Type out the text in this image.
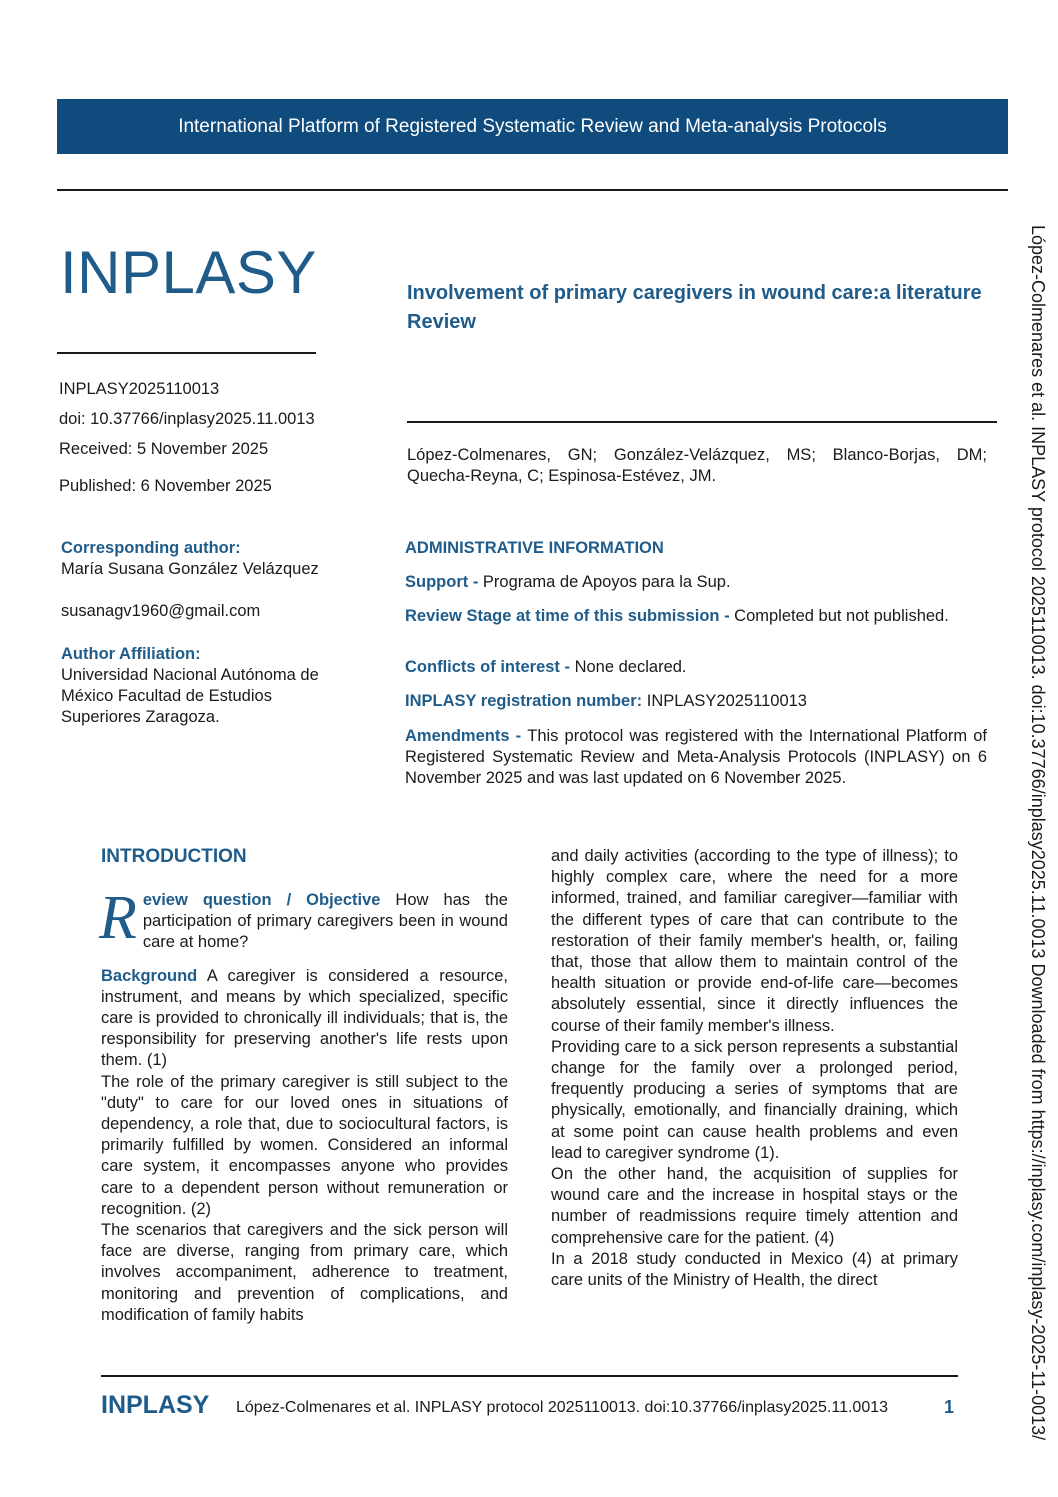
International Platform of Registered Systematic Review and Meta-analysis Protocols
INPLASY	Involvement of primary caregivers in wound care:a literature Review
INPLASY2025110013
doi: 10.37766/inplasy2025.11.0013
Received: 5 November 2025
Published: 6 November 2025
López-Colmenares, GN; González-Velázquez, MS; Blanco-Borjas, DM; Quecha-Reyna, C; Espinosa-Estévez, JM.
Corresponding author:
María Susana González Velázquez
susanagv1960@gmail.com
Author Affiliation:
Universidad Nacional Autónoma de
México Facultad de Estudios
Superiores Zaragoza.
ADMINISTRATIVE INFORMATION
Support - Programa de Apoyos para la Sup.
Review Stage at time of this submission - Completed but not published.
Conflicts of interest - None declared.
INPLASY registration number: INPLASY2025110013
Amendments - This protocol was registered with the International Platform of Registered Systematic Review and Meta-Analysis Protocols (INPLASY) on 6 November 2025 and was last updated on 6 November 2025.
INTRODUCTION

Review question / Objective How has the participation of primary caregivers been in wound care at home?

Background A caregiver is considered a resource, instrument, and means by which specialized, specific care is provided to chronically ill individuals; that is, the responsibility for preserving another's life rests upon them. (1)

The role of the primary caregiver is still subject to the "duty" to care for our loved ones in situations of dependency, a role that, due to sociocultural factors, is primarily fulfilled by women. Considered an informal care system, it encompasses anyone who provides care to a dependent person without remuneration or recognition. (2)

The scenarios that caregivers and the sick person will face are diverse, ranging from primary care, which involves accompaniment, adherence to treatment, monitoring and prevention of complications, and modification of family habits

and daily activities (according to the type of illness); to highly complex care, where the need for a more informed, trained, and familiar caregiver—familiar with the different types of care that can contribute to the restoration of their family member's health, or, failing that, those that allow them to maintain control of the health situation or provide end-of-life care—becomes absolutely essential, since it directly influences the course of their family member's illness.

Providing care to a sick person represents a substantial change for the family over a prolonged period, frequently producing a series of symptoms that are physically, emotionally, and financially draining, which at some point can cause health problems and even lead to caregiver syndrome (1).

On the other hand, the acquisition of supplies for wound care and the increase in hospital stays or the number of readmissions require timely attention and comprehensive care for the patient. (4)

In a 2018 study conducted in Mexico (4) at primary care units of the Ministry of Health, the direct

INPLASY López-Colmenares et al. INPLASY protocol 2025110013. doi:10.37766/inplasy2025.11.0013	1	López-Colmenares et al. INPLASY protocol 2025110013. doi:10.37766/inplasy2025.11.0013 Downloaded from https://inplasy.com/inplasy-2025-11-0013/
